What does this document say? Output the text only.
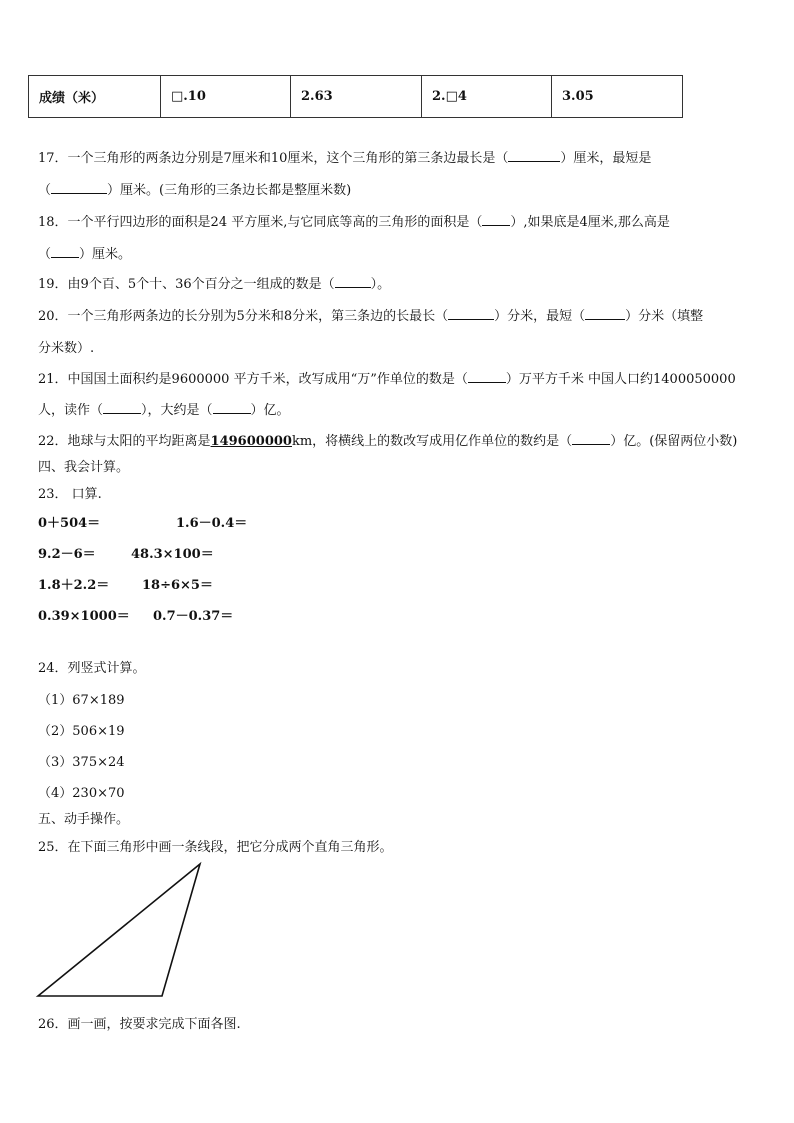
成绩（米）	□.10	2.63	2.□4	3.05
17．一个三角形的两条边分别是7厘米和10厘米，这个三角形的第三条边最长是（	）厘米，最短是
（	）厘米。(三角形的三条边长都是整厘米数)
18．一个平行四边形的面积是24 平方厘米,与它同底等高的三角形的面积是（ ）,如果底是4厘米,那么高是
（ ）厘米。
19．由9个百、5个十、36个百分之一组成的数是（	）。
20．一个三角形两条边的长分别为5分米和8分米，第三条边的长最长（	）分米，最短（	）分米（填整
分米数）.
21．中国国土面积约是9600000 平方千米，改写成用“万”作单位的数是（	）万平方千米 中国人口约1400050000
人，读作（	），大约是（	）亿。
22．地球与太阳的平均距离是149600000km，将横线上的数改写成用亿作单位的数约是（	）亿。(保留两位小数)
四、我会计算。
23． 口算.
0＋504＝	1.6－0.4＝
9.2－6＝	48.3×100＝
1.8＋2.2＝	18÷6×5＝
0.39×1000＝ 0.7－0.37＝
24．列竖式计算。
（1）67×189
（2）506×19
（3）375×24
（4）230×70
五、动手操作。
25．在下面三角形中画一条线段，把它分成两个直角三角形。
26．画一画，按要求完成下面各图.
